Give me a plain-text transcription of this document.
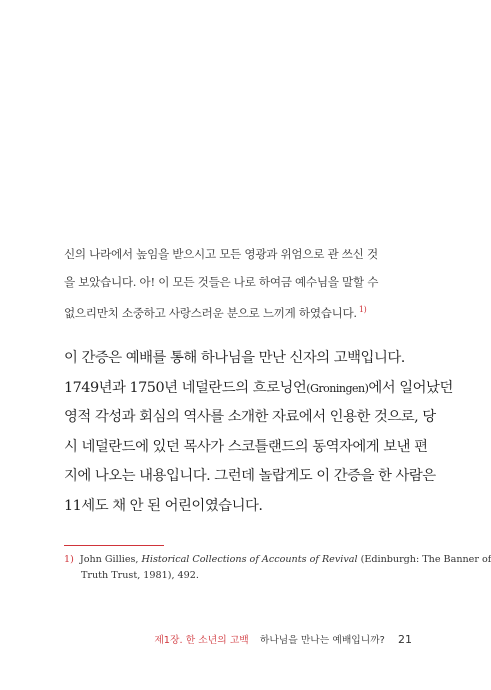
신의 나라에서 높임을 받으시고 모든 영광과 위엄으로 관 쓰신 것
을 보았습니다. 아! 이 모든 것들은 나로 하여금 예수님을 말할 수
없으리만치 소중하고 사랑스러운 분으로 느끼게 하였습니다. $^{1)}$
이 간증은 예배를 통해 하나님을 만난 신자의 고백입니다.
1749년과 1750년 네덜란드의 흐로닝언(Groningen)에서 일어났던
영적 각성과 회심의 역사를 소개한 자료에서 인용한 것으로, 당
시 네덜란드에 있던 목사가 스코틀랜드의 동역자에게 보낸 편
지에 나오는 내용입니다. 그런데 놀랍게도 이 간증을 한 사람은
11세도 채 안 된 어린이였습니다.
1) John Gillies, Historical Collections of Accounts of Revival (Edinburgh: The Banner of
Truth Trust, 1981), 492.
제1장. 한 소년의 고백 하나님을 만나는 예배입니까? 21
